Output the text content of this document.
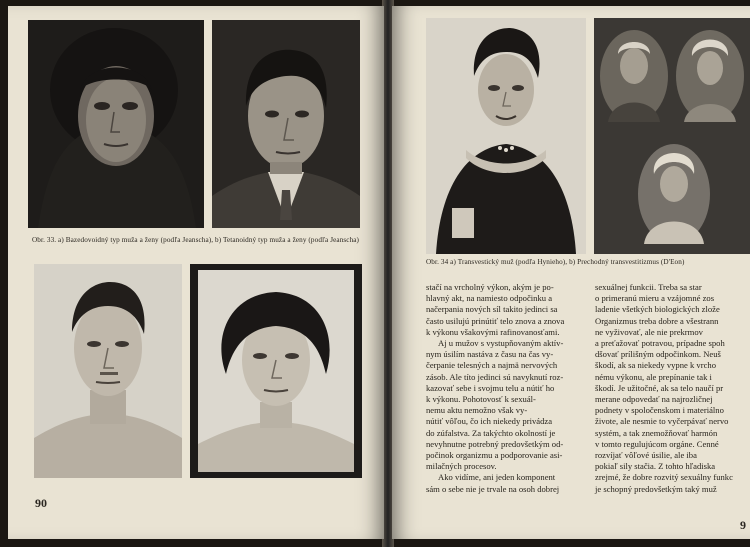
Obr. 33. a) Bazedovoidný typ muža a ženy (podľa Jeanscha), b) Tetanoidný typ muža a ženy (podľa Jeanscha)
90
Obr. 34 a) Transvestický muž (podľa Hynieho), b) Prechodný transvestitizmus (D'Eon)

stačí na vrcholný výkon, akým je po-

hlavný akt, na namiesto odpočinku a

načerpania nových síl takito jedinci sa

často usilujú prinútiť telo znova a znova

k výkonu všakovými rafinovanosťami.

Aj u mužov s vystupňovaným aktív-

nym úsilím nastáva z času na čas vy-

čerpanie telesných a najmä nervových

zásob. Ale títo jedinci sú navyknutí roz-

kazovať sebe i svojmu telu a nútiť ho

k výkonu. Pohotovosť k sexuál-

nemu aktu nemožno však vy-

nútiť vôľou, čo ich niekedy privádza

do zúfalstva. Za takýchto okolností je

nevyhnutne potrebný predovšetkým od-

počinok organizmu a podporovanie asi-

milačných procesov.

Ako vidíme, ani jeden komponent

sám o sebe nie je trvale na osoh dobrej

sexuálnej funkcii. Treba sa star

o primeranú mieru a vzájomné zos

ladenie všetkých biologických zlože

Organizmus treba dobre a všestrann

ne vyživovať, ale nie prekrmov

a preťažovať potravou, prípadne spoh

dšovať prílišným odpočinkom. Neuš

škodí, ak sa niekedy vypne k vrcho

nému výkonu, ale prepínanie tak i

škodí. Je užitočné, ak sa telo naučí pr

merane odpovedať na najrozličnej

podnety v spoločenskom i materiálno

živote, ale nesmie to vyčerpávať nervo

systém, a tak znemožňovať harmón

v tomto regulujúcom orgáne. Cenné

rozvíjať vôľové úsilie, ale iba

pokiaľ sily stačia. Z tohto hľadiska

zrejmé, že dobre rozvitý sexuálny funkc

je schopný predovšetkým taký muž

9
